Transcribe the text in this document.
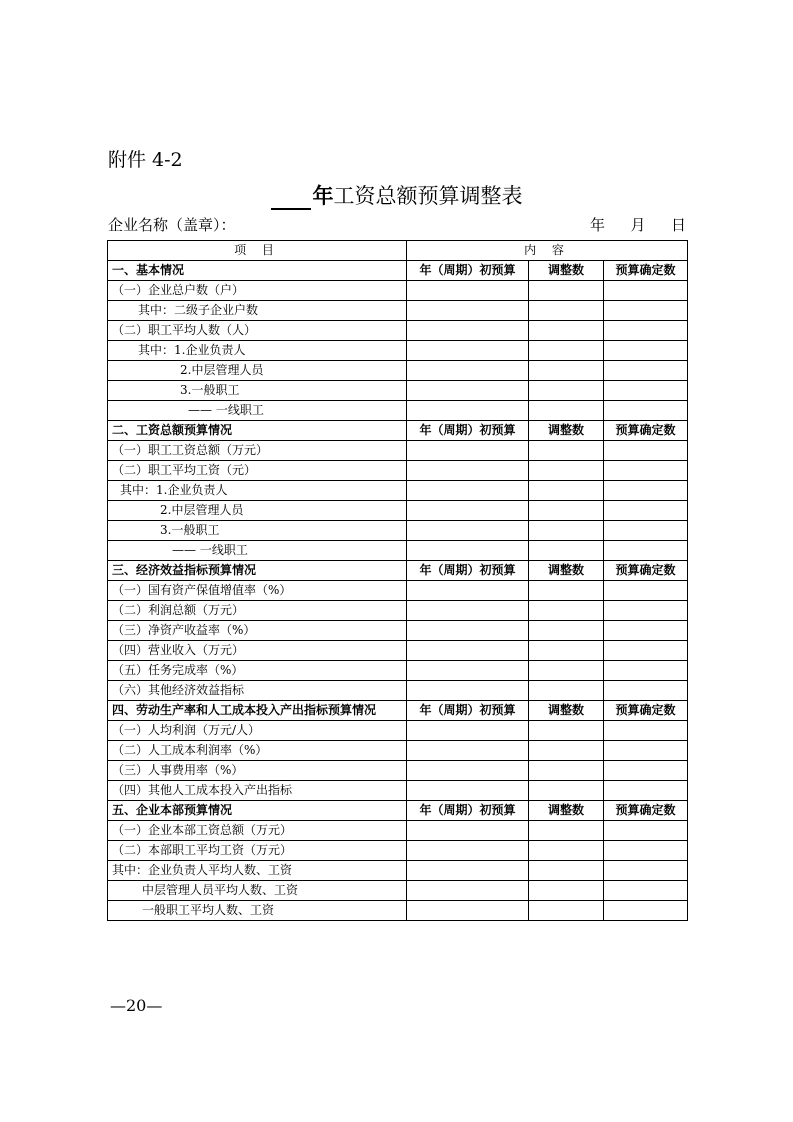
附件 4-2
年工资总额预算调整表
企业名称（盖章）：	年 月 日
项 目	内 容		
一、基本情况	年（周期）初预算	调整数	预算确定数
（一）企业总户数（户）			
其中：二级子企业户数			
（二）职工平均人数（人）			
其中：1.企业负责人			
2.中层管理人员			
3.一般职工			
—— 一线职工			
二、工资总额预算情况	年（周期）初预算	调整数	预算确定数
（一）职工工资总额（万元）			
（二）职工平均工资（元）			
其中：1.企业负责人			
2.中层管理人员			
3.一般职工			
—— 一线职工			
三、经济效益指标预算情况	年（周期）初预算	调整数	预算确定数
（一）国有资产保值增值率（%）			
（二）利润总额（万元）			
（三）净资产收益率（%）			
（四）营业收入（万元）			
（五）任务完成率（%）			
（六）其他经济效益指标			
四、劳动生产率和人工成本投入产出指标预算情况	年（周期）初预算	调整数	预算确定数
（一）人均利润（万元/人）			
（二）人工成本利润率（%）			
（三）人事费用率（%）			
（四）其他人工成本投入产出指标			
五、企业本部预算情况	年（周期）初预算	调整数	预算确定数
（一）企业本部工资总额（万元）			
（二）本部职工平均工资（万元）			
其中：企业负责人平均人数、工资			
中层管理人员平均人数、工资			
一般职工平均人数、工资			
—20—
